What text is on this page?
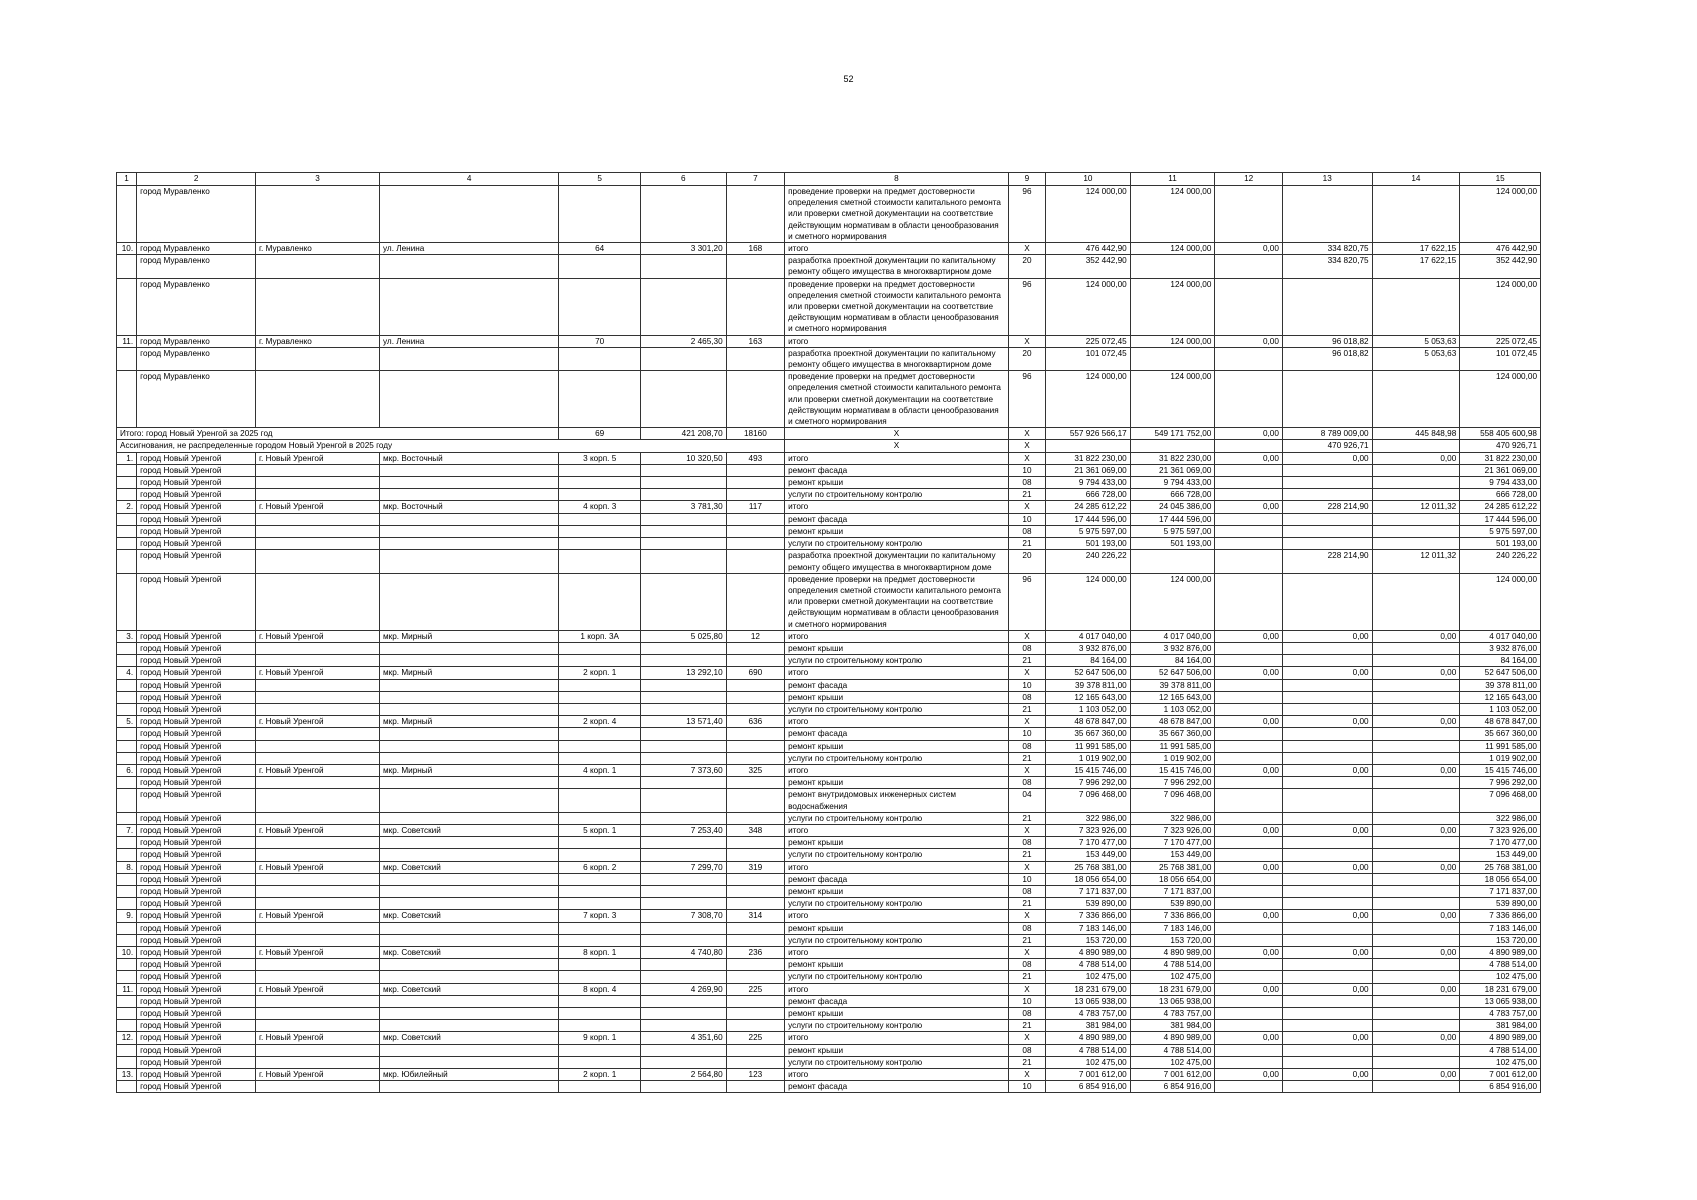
52
1	2	3	4	5	6	7	8	9	10	11	12	13	14	15
	город Муравленко						проведение проверки на предмет достоверности определения сметной стоимости капитального ремонта или проверки сметной документации на соответствие действующим нормативам в области ценообразования и сметного нормирования	96	124 000,00	124 000,00				124 000,00
10.	город Муравленко	г. Муравленко	ул. Ленина	64	3 301,20	168	итого	X	476 442,90	124 000,00	0,00	334 820,75	17 622,15	476 442,90
	город Муравленко						разработка проектной документации по капитальному ремонту общего имущества в многоквартирном доме	20	352 442,90			334 820,75	17 622,15	352 442,90
	город Муравленко						проведение проверки на предмет достоверности определения сметной стоимости капитального ремонта или проверки сметной документации на соответствие действующим нормативам в области ценообразования и сметного нормирования	96	124 000,00	124 000,00				124 000,00
11.	город Муравленко	г. Муравленко	ул. Ленина	70	2 465,30	163	итого	X	225 072,45	124 000,00	0,00	96 018,82	5 053,63	225 072,45
	город Муравленко						разработка проектной документации по капитальному ремонту общего имущества в многоквартирном доме	20	101 072,45			96 018,82	5 053,63	101 072,45
	город Муравленко						проведение проверки на предмет достоверности определения сметной стоимости капитального ремонта или проверки сметной документации на соответствие действующим нормативам в области ценообразования и сметного нормирования	96	124 000,00	124 000,00				124 000,00
Итого: город Новый Уренгой за 2025 год				69	421 208,70	18160	X	X	557 926 566,17	549 171 752,00	0,00	8 789 009,00	445 848,98	558 405 600,98
Ассигнования, не распределенные городом Новый Уренгой в 2025 году							X	X				470 926,71		470 926,71
1.	город Новый Уренгой	г. Новый Уренгой	мкр. Восточный	3 корп. 5	10 320,50	493	итого	X	31 822 230,00	31 822 230,00	0,00	0,00	0,00	31 822 230,00
	город Новый Уренгой						ремонт фасада	10	21 361 069,00	21 361 069,00				21 361 069,00
	город Новый Уренгой						ремонт крыши	08	9 794 433,00	9 794 433,00				9 794 433,00
	город Новый Уренгой						услуги по строительному контролю	21	666 728,00	666 728,00				666 728,00
2.	город Новый Уренгой	г. Новый Уренгой	мкр. Восточный	4 корп. 3	3 781,30	117	итого	X	24 285 612,22	24 045 386,00	0,00	228 214,90	12 011,32	24 285 612,22
	город Новый Уренгой						ремонт фасада	10	17 444 596,00	17 444 596,00				17 444 596,00
	город Новый Уренгой						ремонт крыши	08	5 975 597,00	5 975 597,00				5 975 597,00
	город Новый Уренгой						услуги по строительному контролю	21	501 193,00	501 193,00				501 193,00
	город Новый Уренгой						разработка проектной документации по капитальному ремонту общего имущества в многоквартирном доме	20	240 226,22			228 214,90	12 011,32	240 226,22
	город Новый Уренгой						проведение проверки на предмет достоверности определения сметной стоимости капитального ремонта или проверки сметной документации на соответствие действующим нормативам в области ценообразования и сметного нормирования	96	124 000,00	124 000,00				124 000,00
3.	город Новый Уренгой	г. Новый Уренгой	мкр. Мирный	1 корп. 3А	5 025,80	12	итого	X	4 017 040,00	4 017 040,00	0,00	0,00	0,00	4 017 040,00
	город Новый Уренгой						ремонт крыши	08	3 932 876,00	3 932 876,00				3 932 876,00
	город Новый Уренгой						услуги по строительному контролю	21	84 164,00	84 164,00				84 164,00
4.	город Новый Уренгой	г. Новый Уренгой	мкр. Мирный	2 корп. 1	13 292,10	690	итого	X	52 647 506,00	52 647 506,00	0,00	0,00	0,00	52 647 506,00
	город Новый Уренгой						ремонт фасада	10	39 378 811,00	39 378 811,00				39 378 811,00
	город Новый Уренгой						ремонт крыши	08	12 165 643,00	12 165 643,00				12 165 643,00
	город Новый Уренгой						услуги по строительному контролю	21	1 103 052,00	1 103 052,00				1 103 052,00
5.	город Новый Уренгой	г. Новый Уренгой	мкр. Мирный	2 корп. 4	13 571,40	636	итого	X	48 678 847,00	48 678 847,00	0,00	0,00	0,00	48 678 847,00
	город Новый Уренгой						ремонт фасада	10	35 667 360,00	35 667 360,00				35 667 360,00
	город Новый Уренгой						ремонт крыши	08	11 991 585,00	11 991 585,00				11 991 585,00
	город Новый Уренгой						услуги по строительному контролю	21	1 019 902,00	1 019 902,00				1 019 902,00
6.	город Новый Уренгой	г. Новый Уренгой	мкр. Мирный	4 корп. 1	7 373,60	325	итого	X	15 415 746,00	15 415 746,00	0,00	0,00	0,00	15 415 746,00
	город Новый Уренгой						ремонт крыши	08	7 996 292,00	7 996 292,00				7 996 292,00
	город Новый Уренгой						ремонт внутридомовых инженерных систем водоснабжения	04	7 096 468,00	7 096 468,00				7 096 468,00
	город Новый Уренгой						услуги по строительному контролю	21	322 986,00	322 986,00				322 986,00
7.	город Новый Уренгой	г. Новый Уренгой	мкр. Советский	5 корп. 1	7 253,40	348	итого	X	7 323 926,00	7 323 926,00	0,00	0,00	0,00	7 323 926,00
	город Новый Уренгой						ремонт крыши	08	7 170 477,00	7 170 477,00				7 170 477,00
	город Новый Уренгой						услуги по строительному контролю	21	153 449,00	153 449,00				153 449,00
8.	город Новый Уренгой	г. Новый Уренгой	мкр. Советский	6 корп. 2	7 299,70	319	итого	X	25 768 381,00	25 768 381,00	0,00	0,00	0,00	25 768 381,00
	город Новый Уренгой						ремонт фасада	10	18 056 654,00	18 056 654,00				18 056 654,00
	город Новый Уренгой						ремонт крыши	08	7 171 837,00	7 171 837,00				7 171 837,00
	город Новый Уренгой						услуги по строительному контролю	21	539 890,00	539 890,00				539 890,00
9.	город Новый Уренгой	г. Новый Уренгой	мкр. Советский	7 корп. 3	7 308,70	314	итого	X	7 336 866,00	7 336 866,00	0,00	0,00	0,00	7 336 866,00
	город Новый Уренгой						ремонт крыши	08	7 183 146,00	7 183 146,00				7 183 146,00
	город Новый Уренгой						услуги по строительному контролю	21	153 720,00	153 720,00				153 720,00
10.	город Новый Уренгой	г. Новый Уренгой	мкр. Советский	8 корп. 1	4 740,80	236	итого	X	4 890 989,00	4 890 989,00	0,00	0,00	0,00	4 890 989,00
	город Новый Уренгой						ремонт крыши	08	4 788 514,00	4 788 514,00				4 788 514,00
	город Новый Уренгой						услуги по строительному контролю	21	102 475,00	102 475,00				102 475,00
11.	город Новый Уренгой	г. Новый Уренгой	мкр. Советский	8 корп. 4	4 269,90	225	итого	X	18 231 679,00	18 231 679,00	0,00	0,00	0,00	18 231 679,00
	город Новый Уренгой						ремонт фасада	10	13 065 938,00	13 065 938,00				13 065 938,00
	город Новый Уренгой						ремонт крыши	08	4 783 757,00	4 783 757,00				4 783 757,00
	город Новый Уренгой						услуги по строительному контролю	21	381 984,00	381 984,00				381 984,00
12.	город Новый Уренгой	г. Новый Уренгой	мкр. Советский	9 корп. 1	4 351,60	225	итого	X	4 890 989,00	4 890 989,00	0,00	0,00	0,00	4 890 989,00
	город Новый Уренгой						ремонт крыши	08	4 788 514,00	4 788 514,00				4 788 514,00
	город Новый Уренгой						услуги по строительному контролю	21	102 475,00	102 475,00				102 475,00
13.	город Новый Уренгой	г. Новый Уренгой	мкр. Юбилейный	2 корп. 1	2 564,80	123	итого	X	7 001 612,00	7 001 612,00	0,00	0,00	0,00	7 001 612,00
	город Новый Уренгой						ремонт фасада	10	6 854 916,00	6 854 916,00				6 854 916,00
